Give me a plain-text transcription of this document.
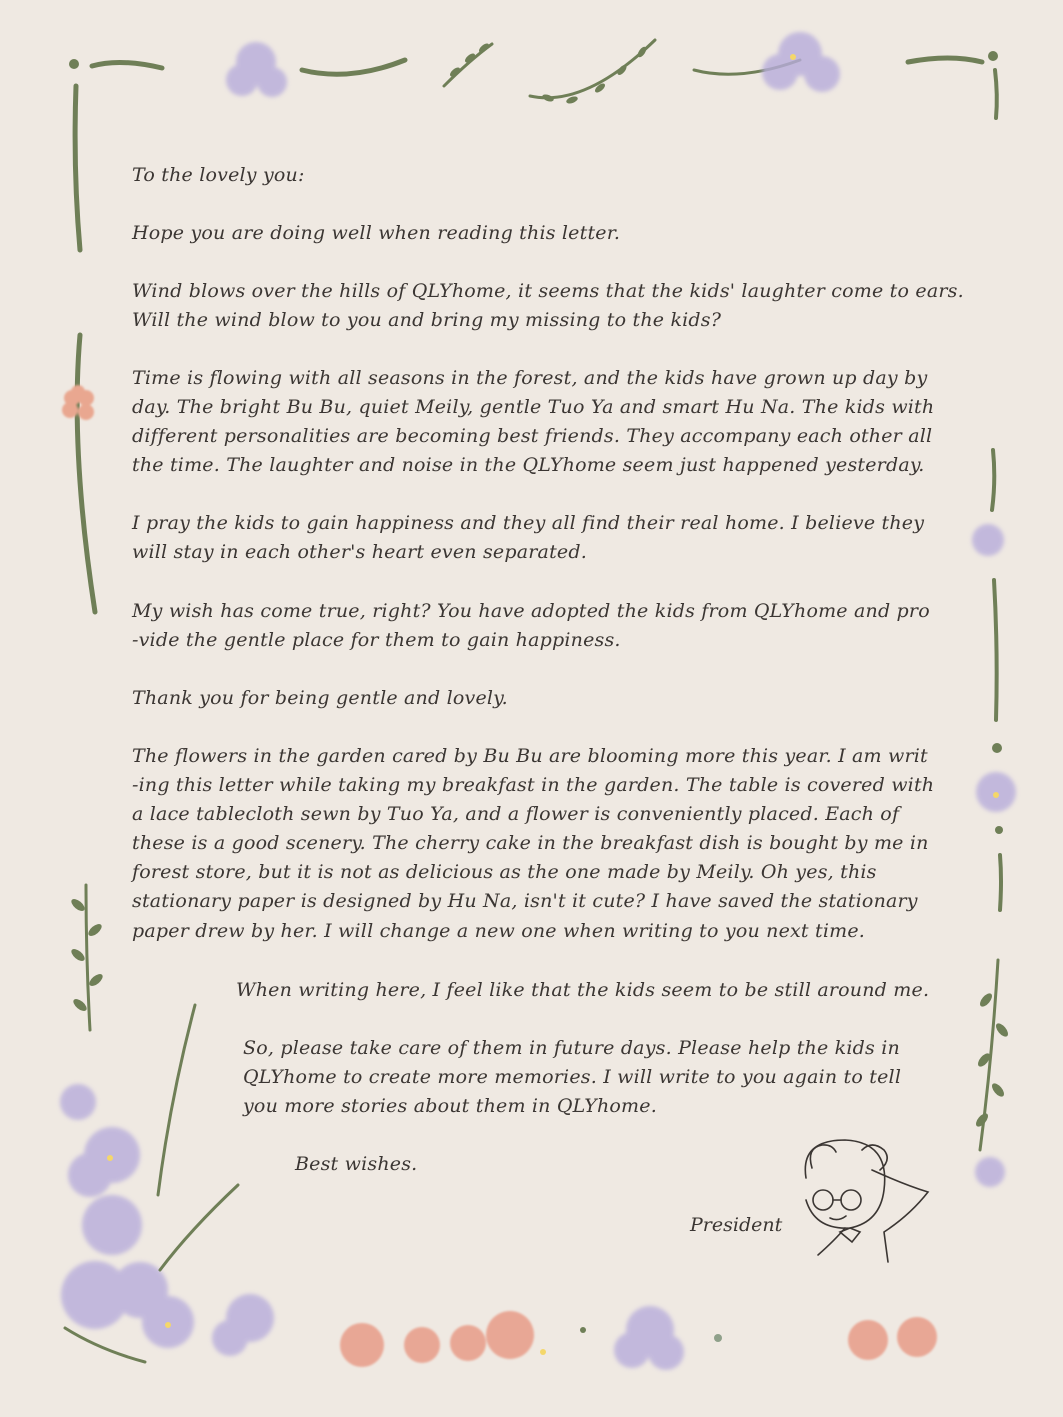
To the lovely you:
Hope you are doing well when reading this letter.
Wind blows over the hills of QLYhome, it seems that the kids' laughter come to ears.
Will the wind blow to you and bring my missing to the kids?
Time is flowing with all seasons in the forest, and the kids have grown up day by
day. The bright Bu Bu, quiet Meily, gentle Tuo Ya and smart Hu Na. The kids with
different personalities are becoming best friends. They accompany each other all
the time. The laughter and noise in the QLYhome seem just happened yesterday.
I pray the kids to gain happiness and they all find their real home. I believe they
will stay in each other's heart even separated.
My wish has come true, right? You have adopted the kids from QLYhome and pro
-vide the gentle place for them to gain happiness.
Thank you for being gentle and lovely.
The flowers in the garden cared by Bu Bu are blooming more this year. I am writ
-ing this letter while taking my breakfast in the garden. The table is covered with
a lace tablecloth sewn by Tuo Ya, and a flower is conveniently placed. Each of
these is a good scenery. The cherry cake in the breakfast dish is bought by me in
forest store, but it is not as delicious as the one made by Meily. Oh yes, this
stationary paper is designed by Hu Na, isn't it cute? I have saved the stationary
paper drew by her. I will change a new one when writing to you next time.
When writing here, I feel like that the kids seem to be still around me.
So, please take care of them in future days. Please help the kids in
QLYhome to create more memories. I will write to you again to tell
you more stories about them in QLYhome.
Best wishes.
President
